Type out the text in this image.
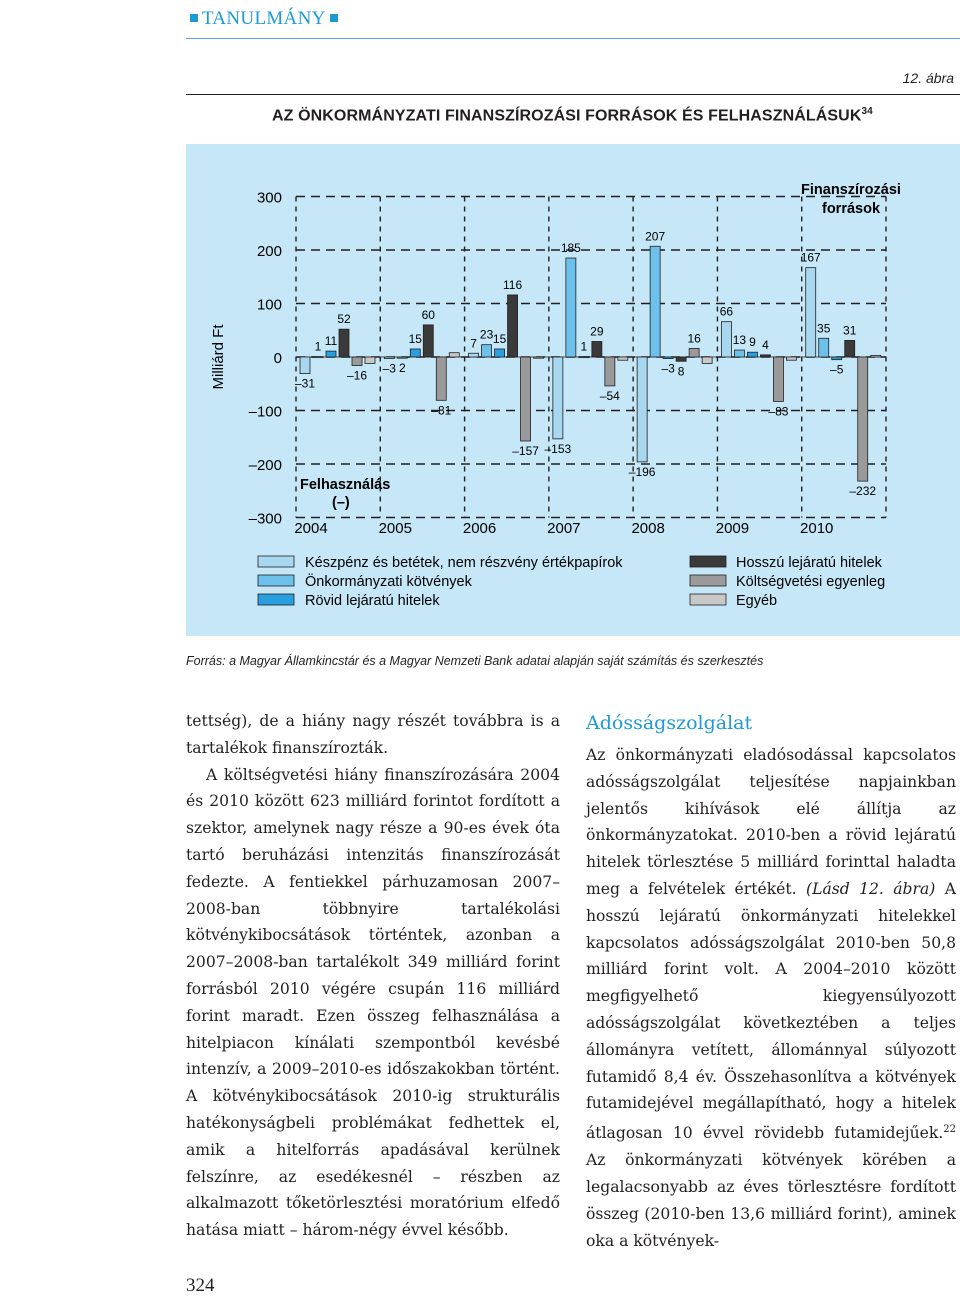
TANULMÁNY
12. ábra
AZ ÖNKORMÁNYZATI FINANSZÍROZÁSI FORRÁSOK ÉS FELHASZNÁLÁSUK$^{34}$
300
200
100
0
–100
–200
–300
Milliárd Ft
Finanszírozási
források
Felhasználás
(–)
2004	2005	2006	2007	2008	2009	2010
–31
1 11
52
–16 –3 2
15
60
–81
7
23 15
116
–157 –153
185
1
29
–54
207
–196
–3 8
16
66
13 9 4
–83
167
35
–5
31
–232
Készpénz és betétek, nem részvény értékpapírok
Önkormányzati kötvények
Rövid lejáratú hitelek
Hosszú lejáratú hitelek
Költségvetési egyenleg
Egyéb
Forrás: a Magyar Államkincstár és a Magyar Nemzeti Bank adatai alapján saját számítás és szerkesztés

tettség), de a hiány nagy részét továbbra is a tartalékok finanszírozták.

A költségvetési hiány finanszírozására 2004 és 2010 között 623 milliárd forintot fordított a szektor, amelynek nagy része a 90-es évek óta tartó beruházási intenzitás finanszírozását fedezte. A fentiekkel párhuzamosan 2007–2008-ban többnyire tartalékolási kötvénykibocsátások történtek, azonban a 2007–2008-ban tartalékolt 349 milliárd forint forrásból 2010 végére csupán 116 milliárd forint maradt. Ezen összeg felhasználása a hitelpiacon kínálati szempontból kevésbé intenzív, a 2009–2010-es időszakokban történt. A kötvénykibocsátások 2010-ig strukturális hatékonyságbeli problémákat fedhettek el, amik a hitelforrás apadásával kerülnek felszínre, az esedékesnél – részben az alkalmazott tőketörlesztési moratórium elfedő hatása miatt – három-négy évvel később.

Adósságszolgálat

Az önkormányzati eladósodással kapcsolatos adósságszolgálat teljesítése napjainkban jelentős kihívások elé állítja az önkormányzatokat. 2010-ben a rövid lejáratú hitelek törlesztése 5 milliárd forinttal haladta meg a felvételek értékét. (Lásd 12. ábra) A hosszú lejáratú önkormányzati hitelekkel kapcsolatos adósságszolgálat 2010-ben 50,8 milliárd forint volt. A 2004–2010 között megfigyelhető kiegyensúlyozott adósságszolgálat következtében a teljes állományra vetített, állománnyal súlyozott futamidő 8,4 év. Összehasonlítva a kötvények futamidejével megállapítható, hogy a hitelek átlagosan 10 évvel rövidebb futamidejűek.$^{22}$ Az önkormányzati kötvények körében a legalacsonyabb az éves törlesztésre fordított összeg (2010-ben 13,6 milliárd forint), aminek oka a kötvények-

324
